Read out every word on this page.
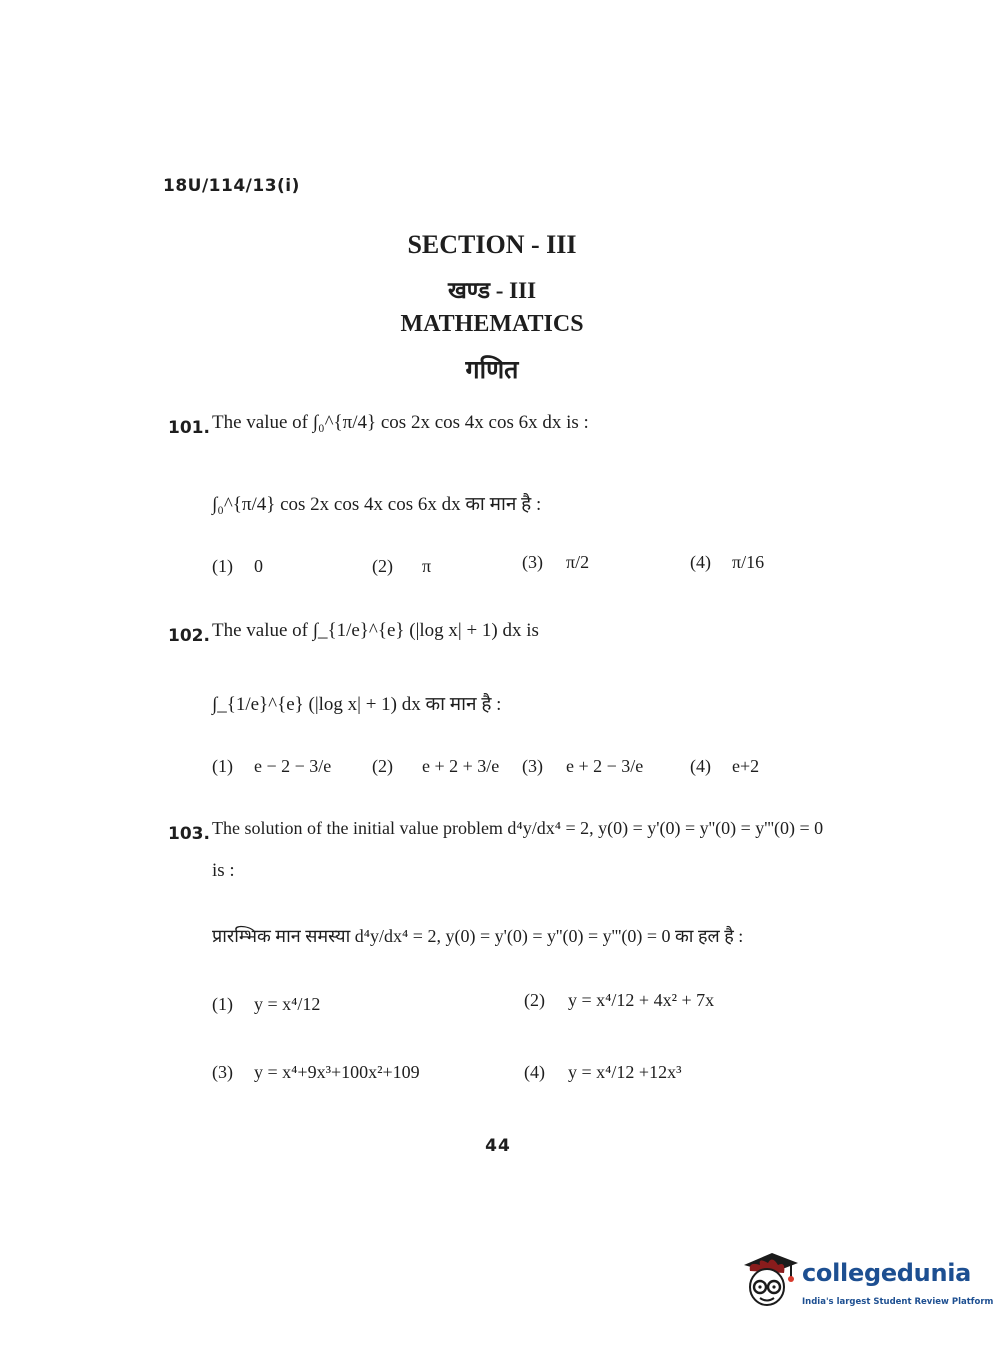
18U/114/13(i)
SECTION - III
खण्ड - III
MATHEMATICS
गणित
101. The value of ∫₀^{π/4} cos 2x cos 4x cos 6x dx is :
∫₀^{π/4} cos 2x cos 4x cos 6x dx का मान है :
(1) 0	(2) π	(3) π/2	(4) π/16
102. The value of ∫_{1/e}^{e} (|log x| + 1) dx is
∫_{1/e}^{e} (|log x| + 1) dx का मान है :
(1) e − 2 − 3/e (2) e + 2 + 3/e (3) e + 2 − 3/e	(4) e+2
103. The solution of the initial value problem d⁴y/dx⁴ = 2, y(0) = y'(0) = y''(0) = y'''(0) = 0
is :
प्रारम्भिक मान समस्या d⁴y/dx⁴ = 2, y(0) = y'(0) = y''(0) = y'''(0) = 0 का हल है :
(1) y = x⁴/12	(2) y = x⁴/12 + 4x² + 7x
(3) y = x⁴+9x³+100x²+109	(4) y = x⁴/12 +12x³
44
collegedunia
India's largest Student Review Platform
